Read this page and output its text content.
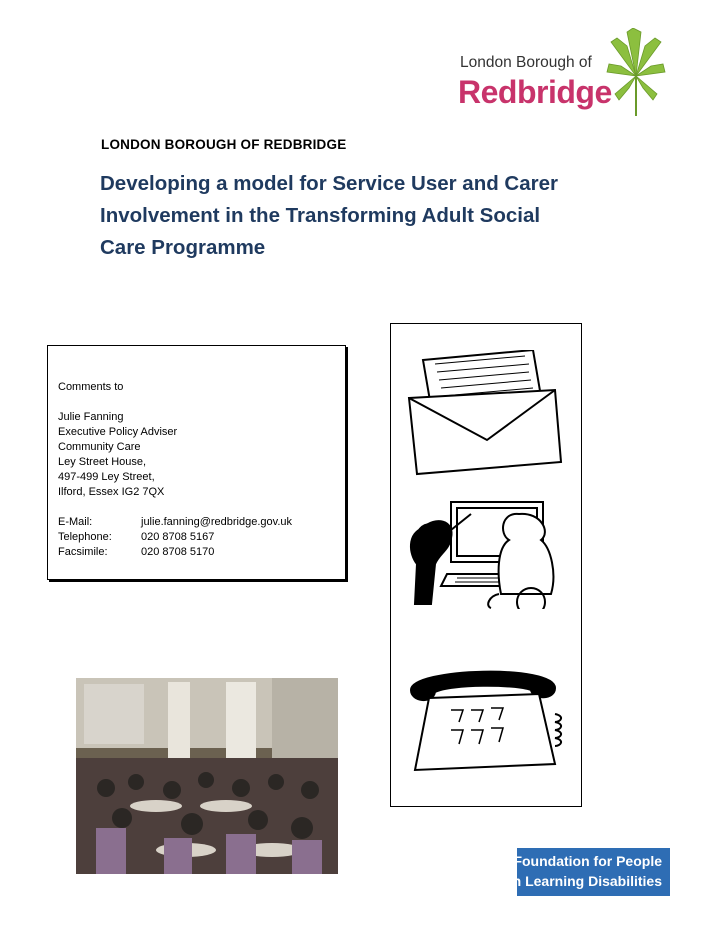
London Borough of
Redbridge
LONDON BOROUGH OF REDBRIDGE
Developing a model for Service User and Carer
Involvement in the Transforming Adult Social
Care Programme
Comments to
Julie Fanning
Executive Policy Adviser
Community Care
Ley Street House,
497-499 Ley Street,
Ilford, Essex IG2 7QX
E-Mail:	julie.fanning@redbridge.gov.uk
Telephone:	020 8708 5167
Facsimile:	020 8708 5170
Foundation for People
with Learning Disabilities
